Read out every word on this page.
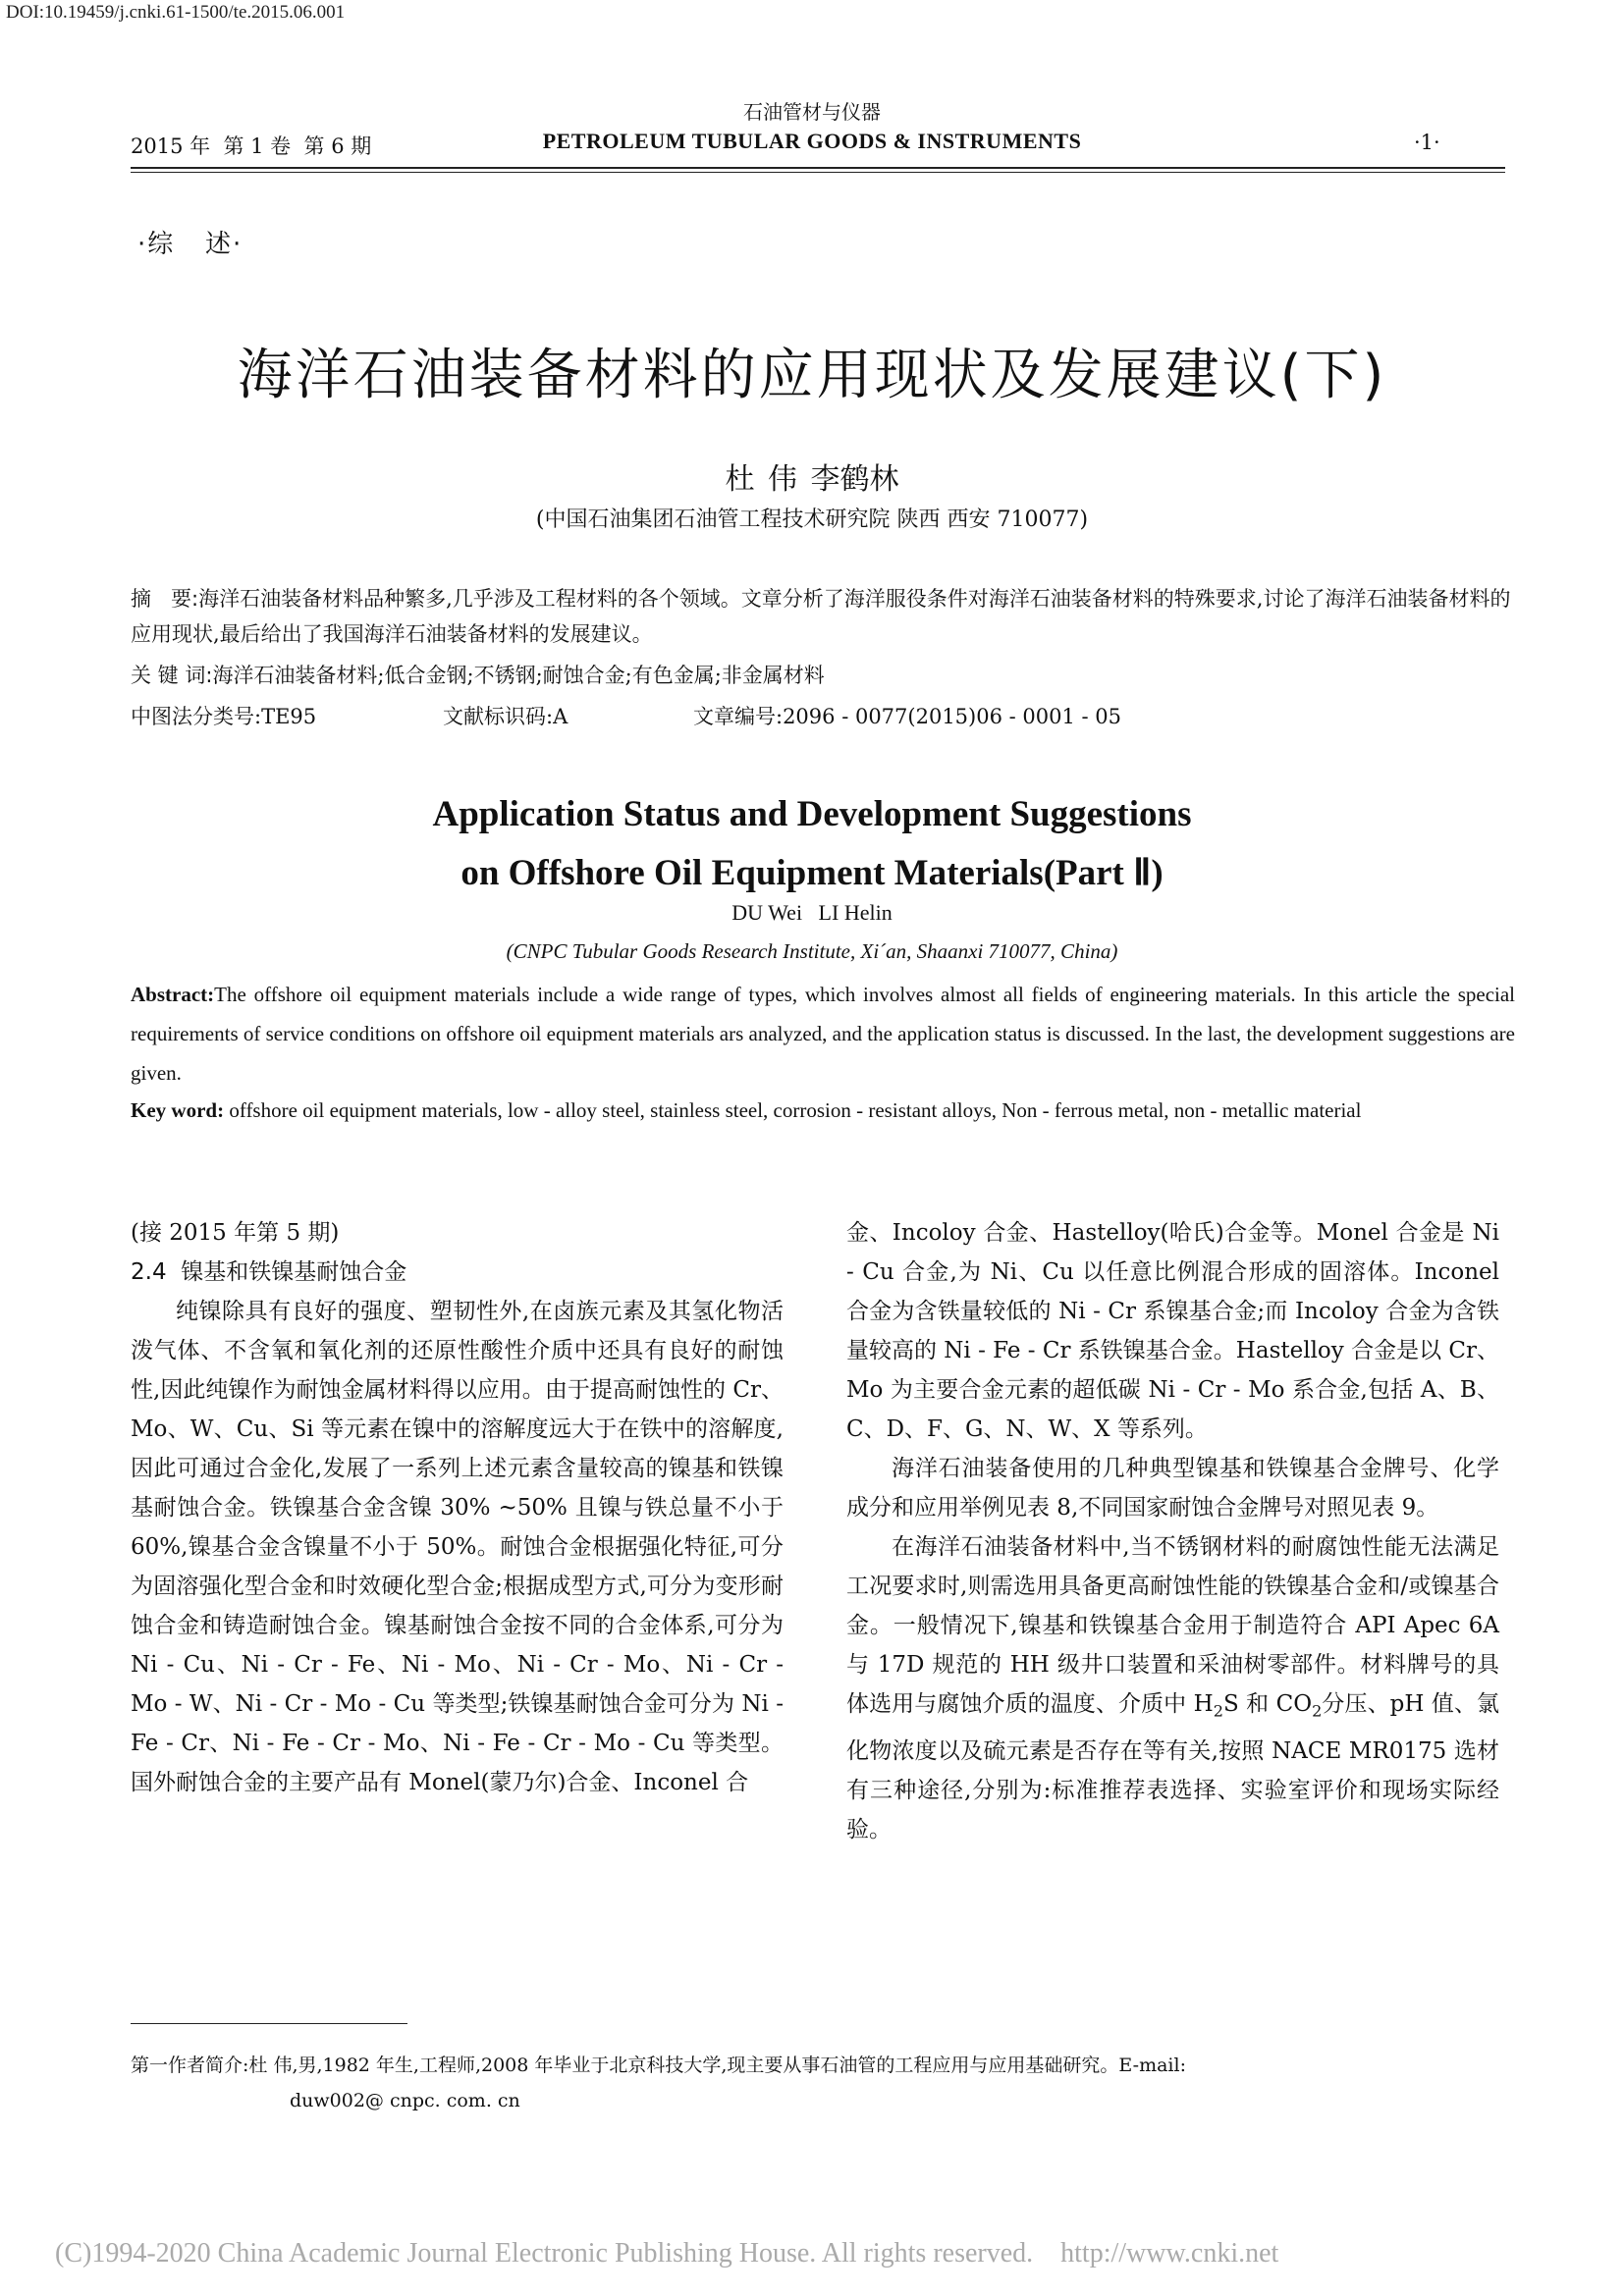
DOI:10.19459/j.cnki.61-1500/te.2015.06.001
石油管材与仪器
2015 年  第 1 卷  第 6 期	PETROLEUM TUBULAR GOODS & INSTRUMENTS	·1·
·综   述·
海洋石油装备材料的应用现状及发展建议(下)
杜 伟 李鹤林
(中国石油集团石油管工程技术研究院 陕西 西安 710077)
摘   要:海洋石油装备材料品种繁多,几乎涉及工程材料的各个领域。文章分析了海洋服役条件对海洋石油装备材料的特殊要求,讨论了海洋石油装备材料的应用现状,最后给出了我国海洋石油装备材料的发展建议。
关 键 词:海洋石油装备材料;低合金钢;不锈钢;耐蚀合金;有色金属;非金属材料
中图法分类号:TE95	文献标识码:A	文章编号:2096 - 0077(2015)06 - 0001 - 05
Application Status and Development Suggestions
on Offshore Oil Equipment Materials(Part Ⅱ)
DU Wei   LI Helin
(CNPC Tubular Goods Research Institute, Xi´an, Shaanxi 710077, China)
Abstract:The offshore oil equipment materials include a wide range of types, which involves almost all fields of engineering materials. In this article the special requirements of service conditions on offshore oil equipment materials ars analyzed, and the application status is discussed. In the last, the development suggestions are given.
Key word: offshore oil equipment materials, low - alloy steel, stainless steel, corrosion - resistant alloys, Non - ferrous metal, non - metallic material

(接 2015 年第 5 期)

2.4  镍基和铁镍基耐蚀合金

纯镍除具有良好的强度、塑韧性外,在卤族元素及其氢化物活泼气体、不含氧和氧化剂的还原性酸性介质中还具有良好的耐蚀性,因此纯镍作为耐蚀金属材料得以应用。由于提高耐蚀性的 Cr、Mo、W、Cu、Si 等元素在镍中的溶解度远大于在铁中的溶解度,因此可通过合金化,发展了一系列上述元素含量较高的镍基和铁镍基耐蚀合金。铁镍基合金含镍 30% ~50% 且镍与铁总量不小于 60%,镍基合金含镍量不小于 50%。耐蚀合金根据强化特征,可分为固溶强化型合金和时效硬化型合金;根据成型方式,可分为变形耐蚀合金和铸造耐蚀合金。镍基耐蚀合金按不同的合金体系,可分为 Ni - Cu、Ni - Cr - Fe、Ni - Mo、Ni - Cr - Mo、Ni - Cr - Mo - W、Ni - Cr - Mo - Cu 等类型;铁镍基耐蚀合金可分为 Ni - Fe - Cr、Ni - Fe - Cr - Mo、Ni - Fe - Cr - Mo - Cu 等类型。国外耐蚀合金的主要产品有 Monel(蒙乃尔)合金、Inconel 合

金、Incoloy 合金、Hastelloy(哈氏)合金等。Monel 合金是 Ni - Cu 合金,为 Ni、Cu 以任意比例混合形成的固溶体。Inconel 合金为含铁量较低的 Ni - Cr 系镍基合金;而 Incoloy 合金为含铁量较高的 Ni - Fe - Cr 系铁镍基合金。Hastelloy 合金是以 Cr、Mo 为主要合金元素的超低碳 Ni - Cr - Mo 系合金,包括 A、B、C、D、F、G、N、W、X 等系列。

海洋石油装备使用的几种典型镍基和铁镍基合金牌号、化学成分和应用举例见表 8,不同国家耐蚀合金牌号对照见表 9。

在海洋石油装备材料中,当不锈钢材料的耐腐蚀性能无法满足工况要求时,则需选用具备更高耐蚀性能的铁镍基合金和/或镍基合金。一般情况下,镍基和铁镍基合金用于制造符合 API Apec 6A 与 17D 规范的 HH 级井口装置和采油树零部件。材料牌号的具体选用与腐蚀介质的温度、介质中 $H_2S$ 和 $CO_2$分压、pH 值、氯化物浓度以及硫元素是否存在等有关,按照 NACE MR0175 选材有三种途径,分别为:标准推荐表选择、实验室评价和现场实际经验。

第一作者简介:杜 伟,男,1982 年生,工程师,2008 年毕业于北京科技大学,现主要从事石油管的工程应用与应用基础研究。E-mail:
duw002@ cnpc. com. cn
(C)1994-2020 China Academic Journal Electronic Publishing House. All rights reserved.    http://www.cnki.net
